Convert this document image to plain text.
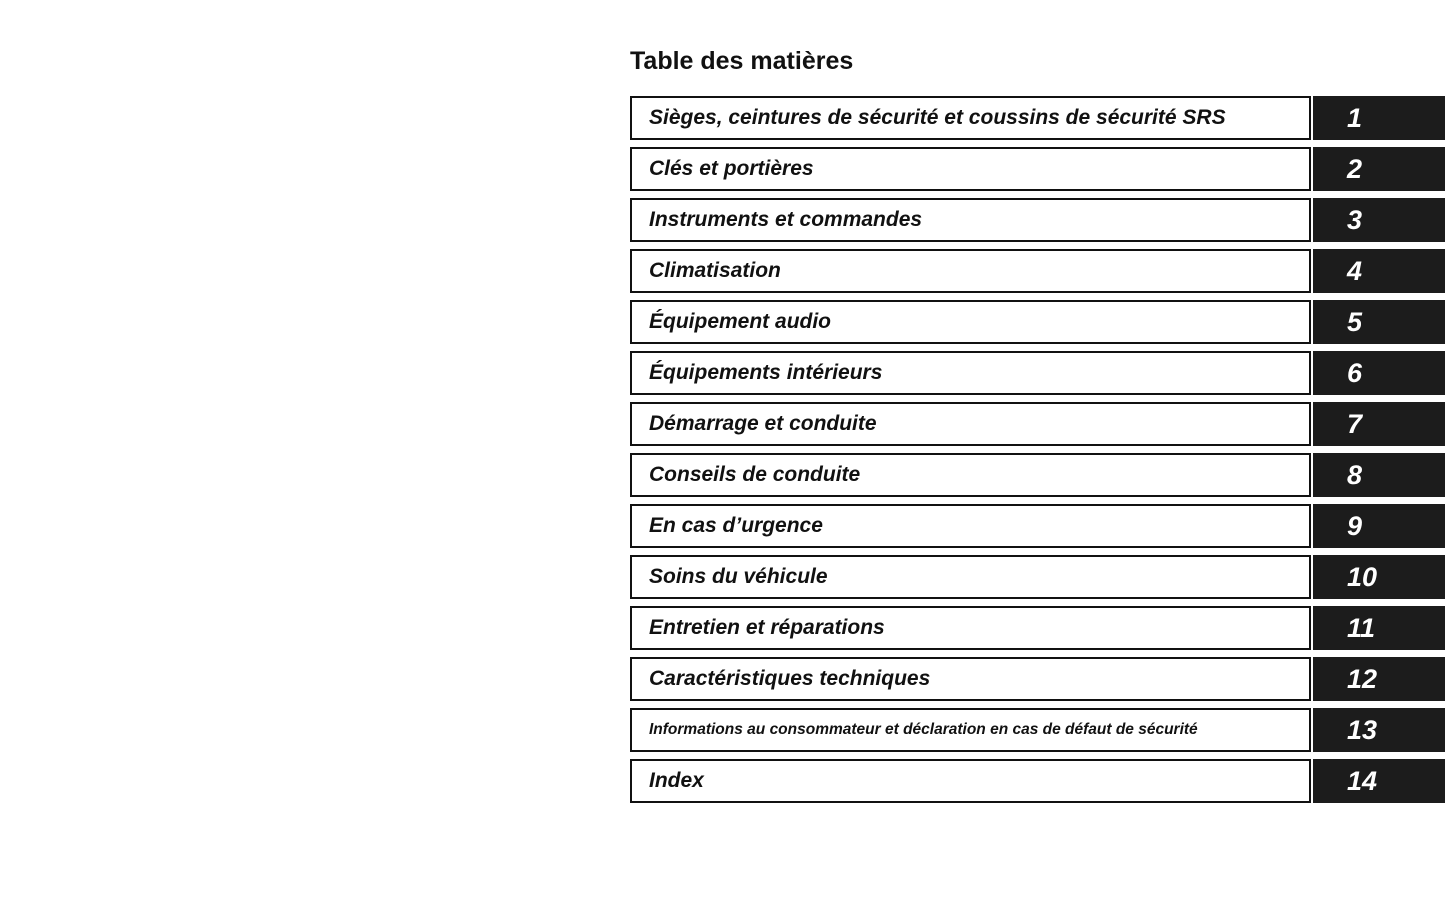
Table des matières
Sièges, ceintures de sécurité et coussins de sécurité SRS	1
Clés et portières	2
Instruments et commandes	3
Climatisation	4
Équipement audio	5
Équipements intérieurs	6
Démarrage et conduite	7
Conseils de conduite	8
En cas d’urgence	9
Soins du véhicule	10
Entretien et réparations	11
Caractéristiques techniques	12
Informations au consommateur et déclaration en cas de défaut de sécurité	13
Index	14
